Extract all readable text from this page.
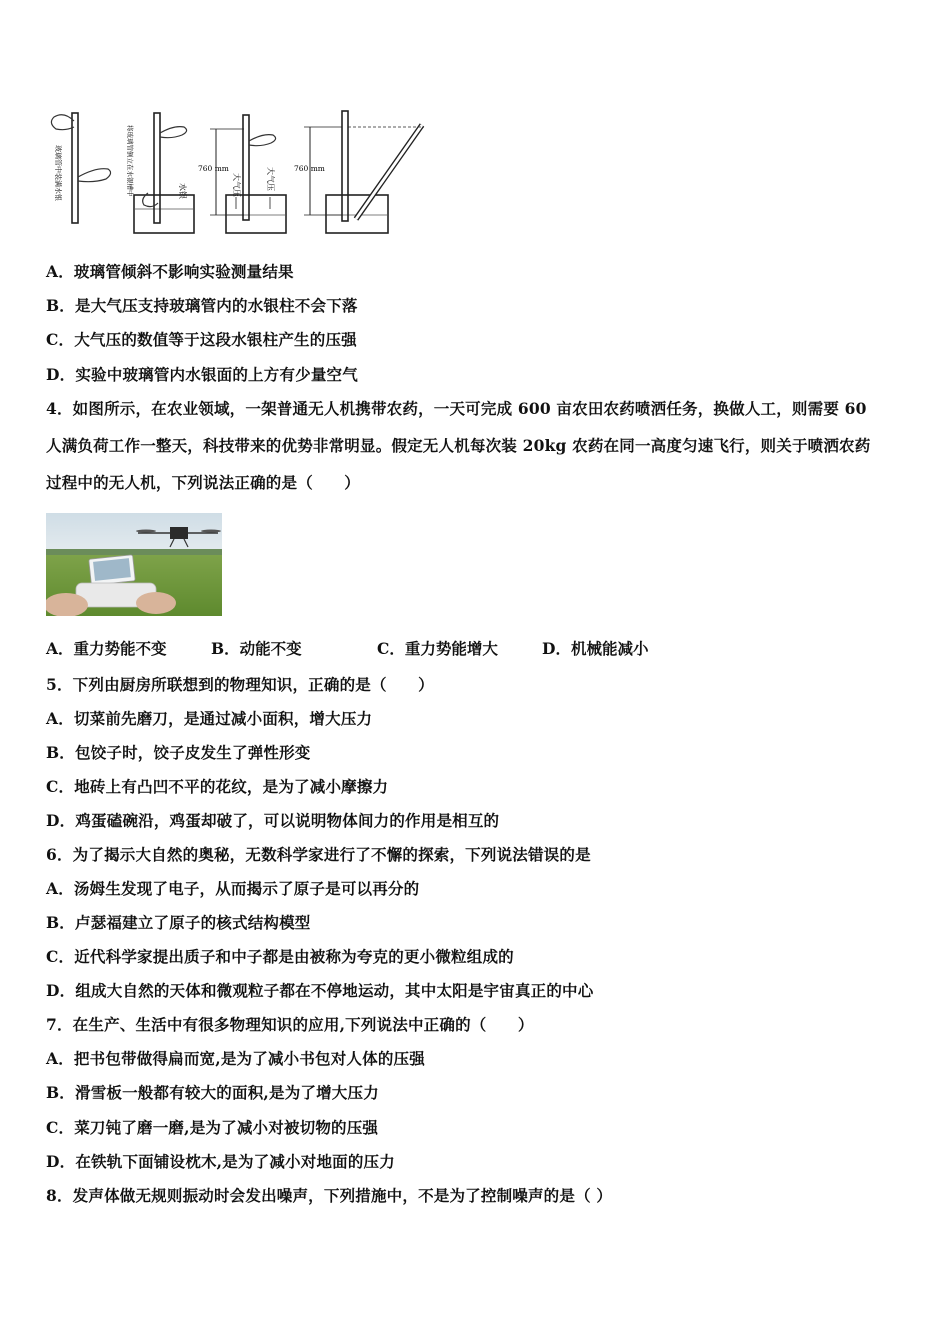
玻璃管中装满水银	将玻璃管倒立在水银槽中	水银
760 mm
大气压	大气压	760 mm
A．玻璃管倾斜不影响实验测量结果
B．是大气压支持玻璃管内的水银柱不会下落
C．大气压的数值等于这段水银柱产生的压强
D．实验中玻璃管内水银面的上方有少量空气
4．如图所示，在农业领域，一架普通无人机携带农药，一天可完成 600 亩农田农药喷洒任务，换做人工，则需要 60
人满负荷工作一整天，科技带来的优势非常明显。假定无人机每次装 20kg 农药在同一高度匀速飞行，则关于喷洒农药
过程中的无人机，下列说法正确的是（　　）
A．重力势能不变	B．动能不变	C．重力势能增大	D．机械能减小
5．下列由厨房所联想到的物理知识，正确的是（　　）
A．切菜前先磨刀，是通过减小面积，增大压力
B．包饺子时，饺子皮发生了弹性形变
C．地砖上有凸凹不平的花纹，是为了减小摩擦力
D．鸡蛋磕碗沿，鸡蛋却破了，可以说明物体间力的作用是相互的
6．为了揭示大自然的奥秘，无数科学家进行了不懈的探索，下列说法错误的是
A．汤姆生发现了电子，从而揭示了原子是可以再分的
B．卢瑟福建立了原子的核式结构模型
C．近代科学家提出质子和中子都是由被称为夸克的更小微粒组成的
D．组成大自然的天体和微观粒子都在不停地运动，其中太阳是宇宙真正的中心
7．在生产、生活中有很多物理知识的应用,下列说法中正确的（　　）
A．把书包带做得扁而宽,是为了减小书包对人体的压强
B．滑雪板一般都有较大的面积,是为了增大压力
C．菜刀钝了磨一磨,是为了减小对被切物的压强
D．在铁轨下面铺设枕木,是为了减小对地面的压力
8．发声体做无规则振动时会发出噪声，下列措施中，不是为了控制噪声的是（ ）
